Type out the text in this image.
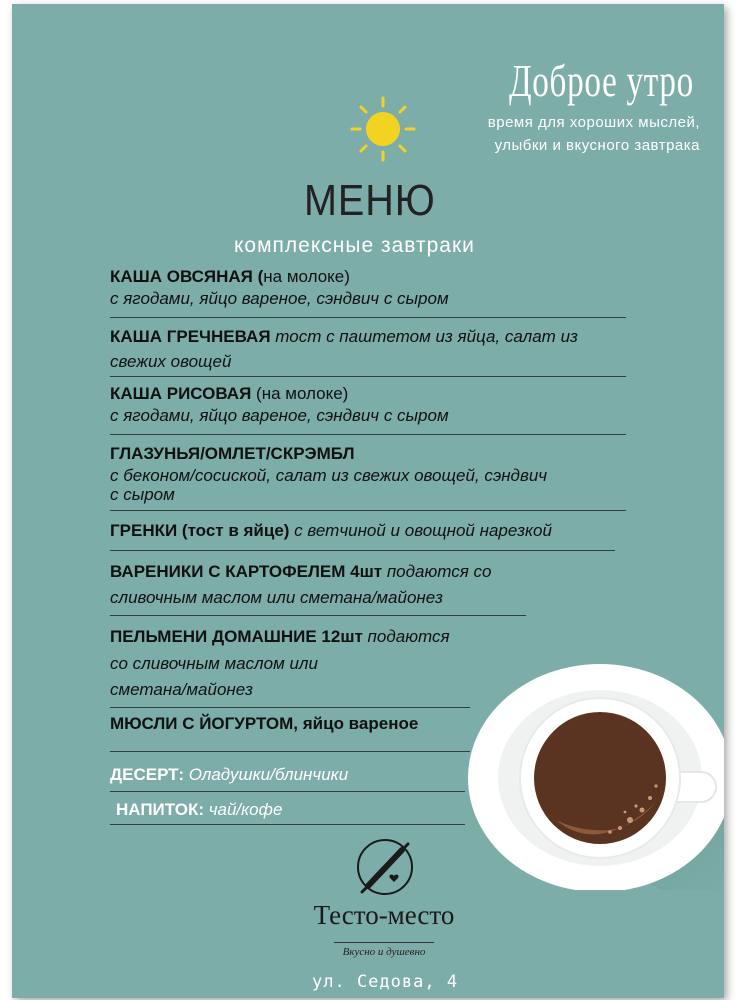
Доброе утро
время для хороших мыслей,
улыбки и вкусного завтрака
МЕНЮ
комплексные завтраки
КАША ОВСЯНАЯ (на молоке)
с ягодами, яйцо вареное, сэндвич с сыром
КАША ГРЕЧНЕВАЯ тост с паштетом из яйца, салат из
свежих овощей
КАША РИСОВАЯ (на молоке)
с ягодами, яйцо вареное, сэндвич с сыром
ГЛАЗУНЬЯ/ОМЛЕТ/СКРЭМБЛ
с беконом/сосиской, салат из свежих овощей, сэндвич
с сыром
ГРЕНКИ (тост в яйце) с ветчиной и овощной нарезкой
ВАРЕНИКИ С КАРТОФЕЛЕМ 4шт подаются со
сливочным маслом или сметана/майонез
ПЕЛЬМЕНИ ДОМАШНИЕ 12шт подаются
со сливочным маслом или
сметана/майонез
МЮСЛИ С ЙОГУРТОМ, яйцо вареное
ДЕСЕРТ: Оладушки/блинчики
НАПИТОК: чай/кофе
Тесто-место
Вкусно и душевно
ул. Седова, 4
